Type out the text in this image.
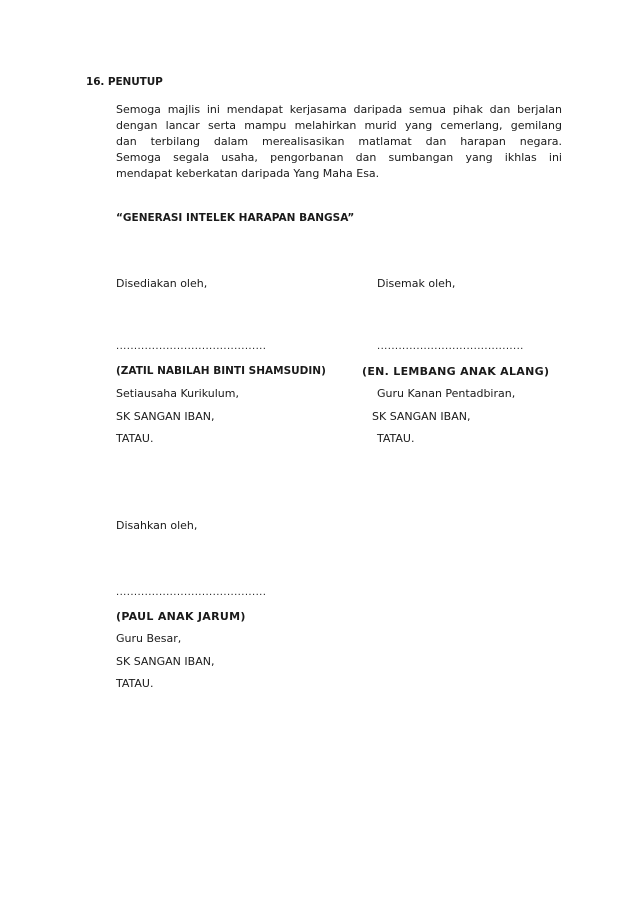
16. PENUTUP
Semoga majlis ini mendapat kerjasama daripada semua pihak dan berjalan
dengan lancar serta mampu melahirkan murid yang cemerlang, gemilang
dan terbilang dalam merealisasikan matlamat dan harapan negara.
Semoga segala usaha, pengorbanan dan sumbangan yang ikhlas ini
mendapat keberkatan daripada Yang Maha Esa.
“GENERASI INTELEK HARAPAN BANGSA”
Disediakan oleh,
..........................................
(ZATIL NABILAH BINTI SHAMSUDIN)
Setiausaha Kurikulum,
SK SANGAN IBAN,
TATAU.
Disemak oleh,
.........................................
(EN. LEMBANG ANAK ALANG)
Guru Kanan Pentadbiran,
SK SANGAN IBAN,
TATAU.
Disahkan oleh,
..........................................
(PAUL ANAK JARUM)
Guru Besar,
SK SANGAN IBAN,
TATAU.
